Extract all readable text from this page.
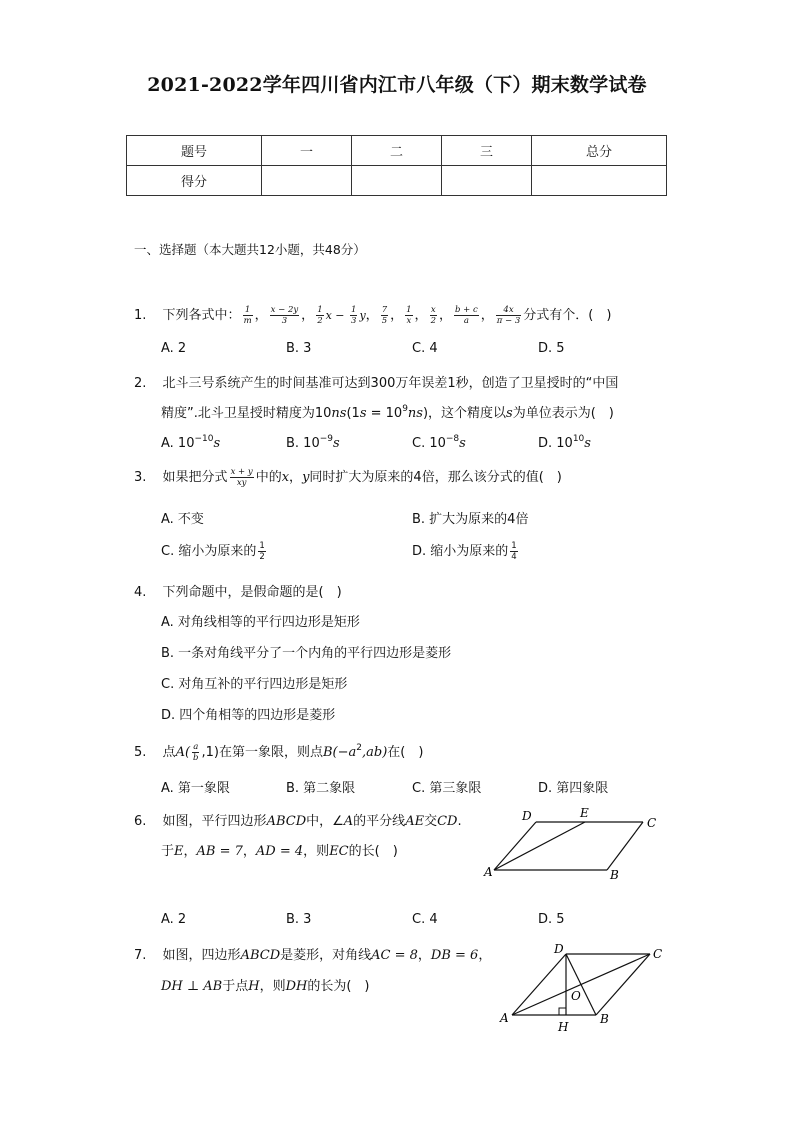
2021-2022学年四川省内江市八年级（下）期末数学试卷
题号	一	二	三	总分
得分				
一、选择题（本大题共12小题，共48分）
1. 下列各式中： $\frac{1}{m}$ ， $\frac{x - 2y}{3}$ ， $\frac{1}{2}$ $x - \frac{1}{3}$ y， $\frac{7}{5}$ ， $\frac{1}{x}$ ， $\frac{x}{2}$ ， $\frac{b + c}{a}$ ， $\frac{4x}{\pi - 3}$ 分式有个．(　)
A. 2	B. 3	C. 4	D. 5
2. 北斗三号系统产生的时间基准可达到300万年误差1秒，创造了卫星授时的“中国
精度”.北斗卫星授时精度为$10ns(1s = 10^9ns)$，这个精度以s为单位表示为(　)
A. $10^{-10}s$	B. $10^{-9}s$	C. $10^{-8}s$	D. $10^{10}s$
3. 如果把分式 $\frac{x + y}{xy}$ 中的x，y同时扩大为原来的4倍，那么该分式的值(　)
A. 不变	B. 扩大为原来的4倍
C. 缩小为原来的 $\frac{1}{2}$	D. 缩小为原来的 $\frac{1}{4}$
4. 下列命题中，是假命题的是(　)
A. 对角线相等的平行四边形是矩形
B. 一条对角线平分了一个内角的平行四边形是菱形
C. 对角互补的平行四边形是矩形
D. 四个角相等的四边形是菱形
5. 点$A( \frac{a}{b} ,1)$在第一象限，则点$B(-a^2,ab)$在(　)
A. 第一象限	B. 第二象限	C. 第三象限	D. 第四象限
6. 如图，平行四边形ABCD中，∠A的平分线AE交CD.
于E，AB = 7，AD = 4，则EC的长(　)
D	E
C
A	B
A. 2	B. 3	C. 4	D. 5
7. 如图，四边形ABCD是菱形，对角线AC = 8，DB = 6，
DH ⊥ AB于点H，则DH的长为(　)
D	C
A	B
O
H
